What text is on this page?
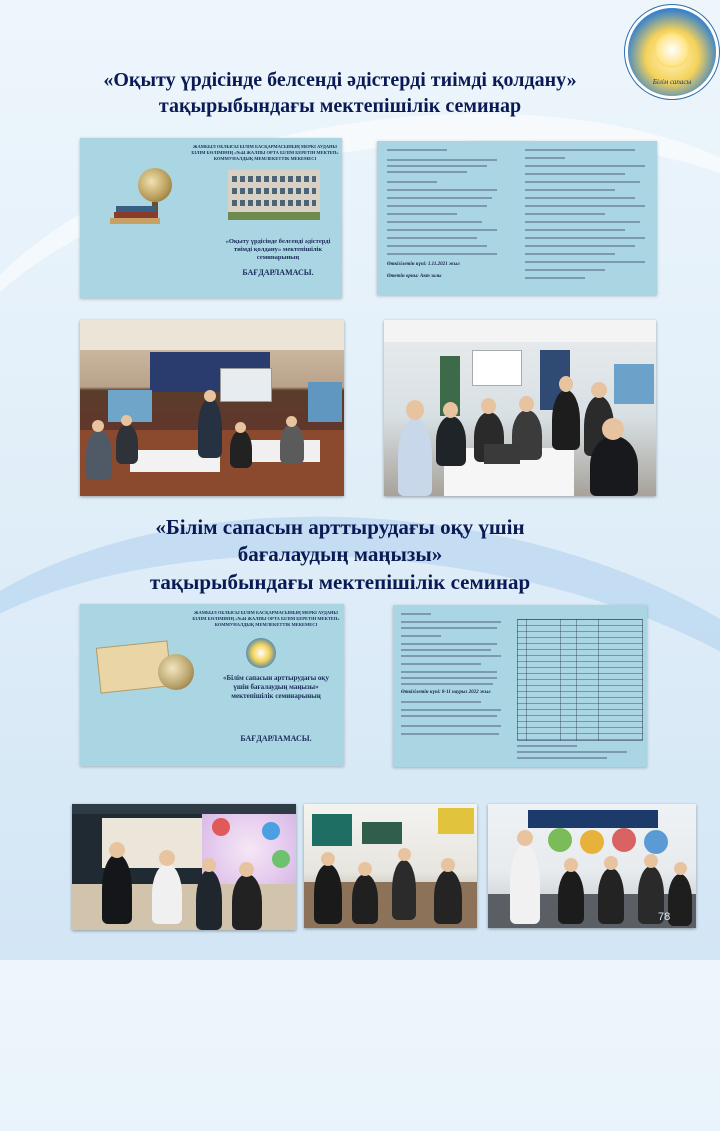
Білім сапасы
«Оқыту үрдісінде белсенді әдістерді тиімді қолдану»
тақырыбындағы мектепішілік семинар
ЖАМБЫЛ ОБЛЫСЫ БІЛІМ БАСҚАРМАСЫНЫҢ МЕРКІ АУДАНЫ БІЛІМ БӨЛІМІНІҢ «№44 ЖАЛПЫ ОРТА БІЛІМ БЕРЕТІН МЕКТЕП» КОММУНАЛДЫҚ МЕМЛЕКЕТТІК МЕКЕМЕСІ
«Оқыту үрдісінде белсенді әдістерді тиімді қолдану» мектепішілік семинарының
БАҒДАРЛАМАСЫ.
Өткізілетін күні: 1.11.2021 жыл
Өтетін орны: Акт залы
«Білім сапасын арттырудағы оқу үшін
бағалаудың маңызы»
тақырыбындағы мектепішілік семинар
ЖАМБЫЛ ОБЛЫСЫ БІЛІМ БАСҚАРМАСЫНЫҢ МЕРКІ АУДАНЫ БІЛІМ БӨЛІМІНІҢ «№44 ЖАЛПЫ ОРТА БІЛІМ БЕРЕТІН МЕКТЕП» КОММУНАЛДЫҚ МЕМЛЕКЕТТІК МЕКЕМЕСІ
«Білім сапасын арттырудағы оқу үшін бағалаудың маңызы» мектепішілік семинарының
БАҒДАРЛАМАСЫ.
Өткізілетін күні: 8-11 наурыз 2022 жыл
78
